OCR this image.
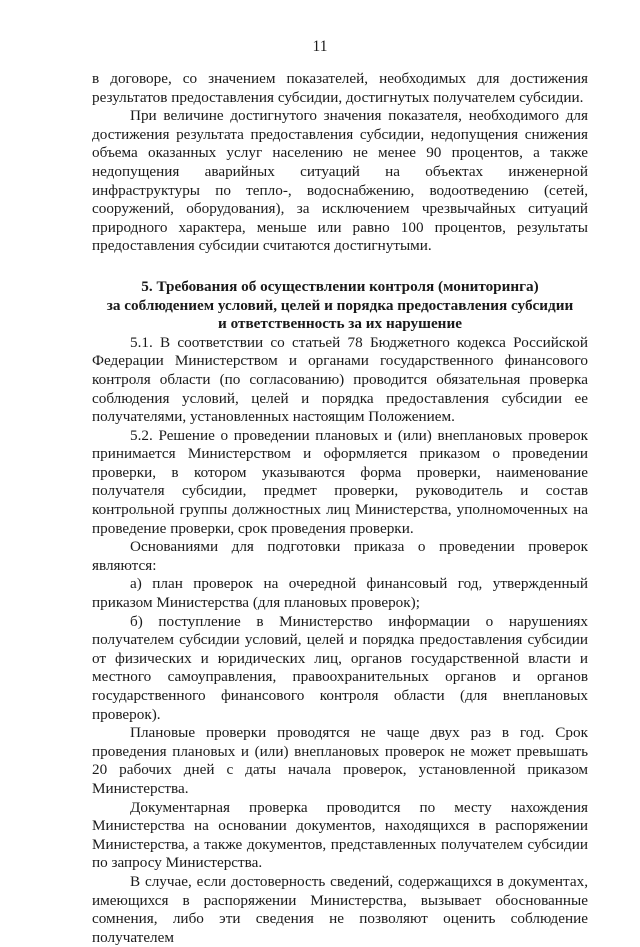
11

в договоре, со значением показателей, необходимых для достижения результатов предоставления субсидии, достигнутых получателем субсидии.

При величине достигнутого значения показателя, необходимого для достижения результата предоставления субсидии, недопущения снижения объема оказанных услуг населению не менее 90 процентов, а также недопущения аварийных ситуаций на объектах инженерной инфраструктуры по тепло-, водоснабжению, водоотведению (сетей, сооружений, оборудования), за исключением чрезвычайных ситуаций природного характера, меньше или равно 100 процентов, результаты предоставления субсидии считаются достигнутыми.

5. Требования об осуществлении контроля (мониторинга)
за соблюдением условий, целей и порядка предоставления субсидии
и ответственность за их нарушение

5.1. В соответствии со статьей 78 Бюджетного кодекса Российской Федерации Министерством и органами государственного финансового контроля области (по согласованию) проводится обязательная проверка соблюдения условий, целей и порядка предоставления субсидии ее получателями, установленных настоящим Положением.

5.2. Решение о проведении плановых и (или) внеплановых проверок принимается Министерством и оформляется приказом о проведении проверки, в котором указываются форма проверки, наименование получателя субсидии, предмет проверки, руководитель и состав контрольной группы должностных лиц Министерства, уполномоченных на проведение проверки, срок проведения проверки.

Основаниями для подготовки приказа о проведении проверок являются:

а) план проверок на очередной финансовый год, утвержденный приказом Министерства (для плановых проверок);

б) поступление в Министерство информации о нарушениях получателем субсидии условий, целей и порядка предоставления субсидии от физических и юридических лиц, органов государственной власти и местного самоуправления, правоохранительных органов и органов государственного финансового контроля области (для внеплановых проверок).

Плановые проверки проводятся не чаще двух раз в год. Срок проведения плановых и (или) внеплановых проверок не может превышать 20 рабочих дней с даты начала проверок, установленной приказом Министерства.

Документарная проверка проводится по месту нахождения Министерства на основании документов, находящихся в распоряжении Министерства, а также документов, представленных получателем субсидии по запросу Министерства.

В случае, если достоверность сведений, содержащихся в документах, имеющихся в распоряжении Министерства, вызывает обоснованные сомнения, либо эти сведения не позволяют оценить соблюдение получателем
